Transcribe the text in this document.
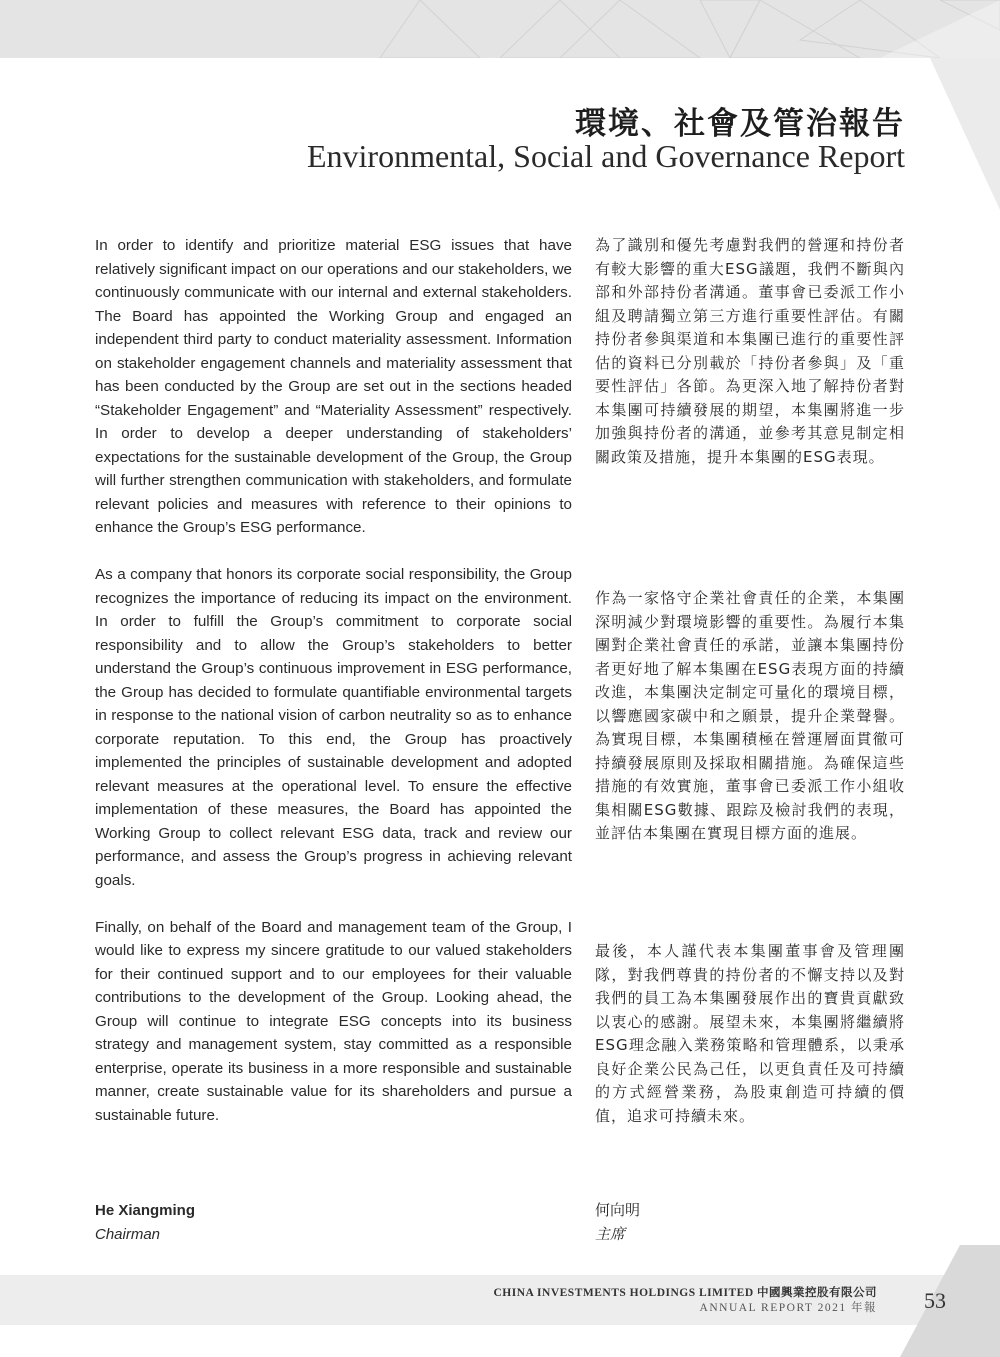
環境、社會及管治報告
Environmental, Social and Governance Report

In order to identify and prioritize material ESG issues that have relatively significant impact on our operations and our stakeholders, we continuously communicate with our internal and external stakeholders. The Board has appointed the Working Group and engaged an independent third party to conduct materiality assessment. Information on stakeholder engagement channels and materiality assessment that has been conducted by the Group are set out in the sections headed “Stakeholder Engagement” and “Materiality Assessment” respectively. In order to develop a deeper understanding of stakeholders’ expectations for the sustainable development of the Group, the Group will further strengthen communication with stakeholders, and formulate relevant policies and measures with reference to their opinions to enhance the Group’s ESG performance.

As a company that honors its corporate social responsibility, the Group recognizes the importance of reducing its impact on the environment. In order to fulfill the Group’s commitment to corporate social responsibility and to allow the Group’s stakeholders to better understand the Group’s continuous improvement in ESG performance, the Group has decided to formulate quantifiable environmental targets in response to the national vision of carbon neutrality so as to enhance corporate reputation. To this end, the Group has proactively implemented the principles of sustainable development and adopted relevant measures at the operational level. To ensure the effective implementation of these measures, the Board has appointed the Working Group to collect relevant ESG data, track and review our performance, and assess the Group’s progress in achieving relevant goals.

Finally, on behalf of the Board and management team of the Group, I would like to express my sincere gratitude to our valued stakeholders for their continued support and to our employees for their valuable contributions to the development of the Group. Looking ahead, the Group will continue to integrate ESG concepts into its business strategy and management system, stay committed as a responsible enterprise, operate its business in a more responsible and sustainable manner, create sustainable value for its shareholders and pursue a sustainable future.

為了識別和優先考慮對我們的營運和持份者有較大影響的重大ESG議題，我們不斷與內部和外部持份者溝通。董事會已委派工作小組及聘請獨立第三方進行重要性評估。有關持份者參與渠道和本集團已進行的重要性評估的資料已分別載於「持份者參與」及「重要性評估」各節。為更深入地了解持份者對本集團可持續發展的期望，本集團將進一步加強與持份者的溝通，並參考其意見制定相關政策及措施，提升本集團的ESG表現。

作為一家恪守企業社會責任的企業，本集團深明減少對環境影響的重要性。為履行本集團對企業社會責任的承諾，並讓本集團持份者更好地了解本集團在ESG表現方面的持續改進，本集團決定制定可量化的環境目標，以響應國家碳中和之願景，提升企業聲譽。為實現目標，本集團積極在營運層面貫徹可持續發展原則及採取相關措施。為確保這些措施的有效實施，董事會已委派工作小組收集相關ESG數據、跟踪及檢討我們的表現，並評估本集團在實現目標方面的進展。

最後，本人謹代表本集團董事會及管理團隊，對我們尊貴的持份者的不懈支持以及對我們的員工為本集團發展作出的寶貴貢獻致以衷心的感謝。展望未來，本集團將繼續將ESG理念融入業務策略和管理體系，以秉承良好企業公民為己任，以更負責任及可持續的方式經營業務，為股東創造可持續的價值，追求可持續未來。

He Xiangming
Chairman
何向明
主席
CHINA INVESTMENTS HOLDINGS LIMITED 中國興業控股有限公司
ANNUAL REPORT 2021 年報 53
